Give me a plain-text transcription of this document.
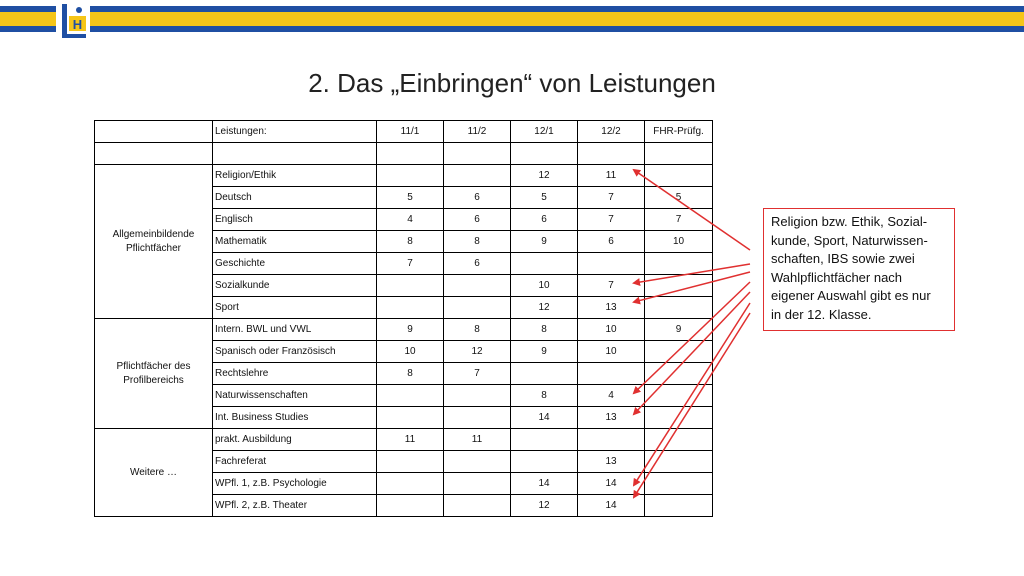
H
2. Das „Einbringen“ von Leistungen
	Leistungen:	11/1	11/2	12/1	12/2	FHR-Prüfg.

Allgemeinbildende Pflichtfächer	Religion/Ethik			12	11	
	Deutsch	5	6	5	7	5
	Englisch	4	6	6	7	7
	Mathematik	8	8	9	6	10
	Geschichte	7	6			
	Sozialkunde			10	7	
	Sport			12	13	
Pflichtfächer des Profilbereichs	Intern. BWL und VWL	9	8	8	10	9
	Spanisch oder Französisch	10	12	9	10	
	Rechtslehre	8	7			
	Naturwissenschaften			8	4	
	Int. Business Studies			14	13	
Weitere …	prakt. Ausbildung	11	11			
	Fachreferat				13	
	WPfl. 1, z.B. Psychologie			14	14	
	WPfl. 2, z.B. Theater			12	14	
Religion bzw. Ethik, Sozial-
kunde, Sport, Naturwissen-
schaften, IBS sowie zwei
Wahlpflichtfächer nach
eigener Auswahl gibt es nur
in der 12. Klasse.
